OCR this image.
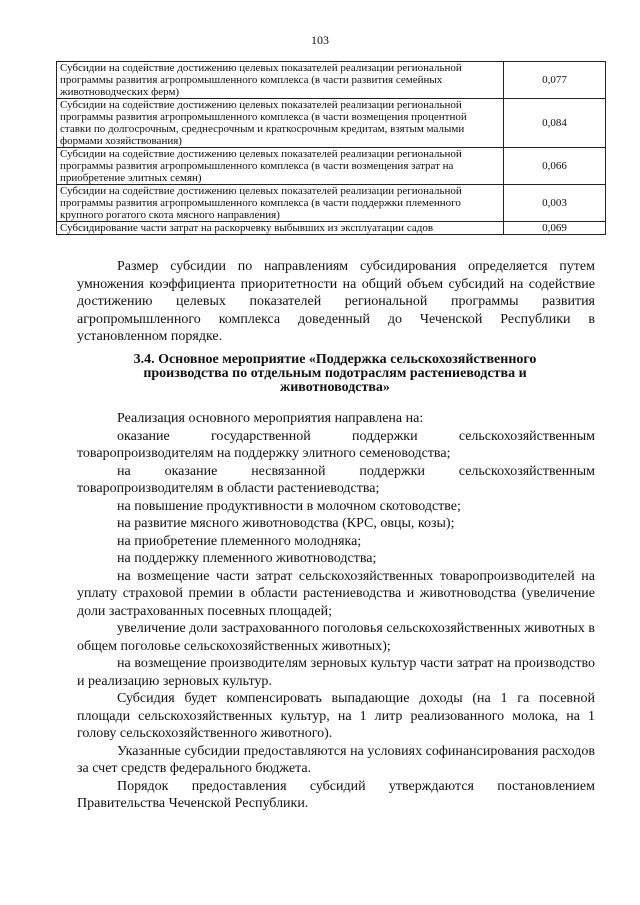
103
Субсидии на содействие достижению целевых показателей реализации региональной программы развития агропромышленного комплекса (в части развития семейных животноводческих ферм)	0,077
Субсидии на содействие достижению целевых показателей реализации региональной программы развития агропромышленного комплекса (в части возмещения процентной ставки по долгосрочным, среднесрочным и краткосрочным кредитам, взятым малыми формами хозяйствования)	0,084
Субсидии на содействие достижению целевых показателей реализации региональной программы развития агропромышленного комплекса (в части возмещения затрат на приобретение элитных семян)	0,066
Субсидии на содействие достижению целевых показателей реализации региональной программы развития агропромышленного комплекса (в части поддержки племенного крупного рогатого скота мясного направления)	0,003
Субсидирование части затрат на раскорчевку выбывших из эксплуатации садов	0,069

Размер субсидии по направлениям субсидирования определяется путем умножения коэффициента приоритетности на общий объем субсидий на содействие достижению целевых показателей региональной программы развития агропромышленного комплекса доведенный до Чеченской Республики в установленном порядке.

3.4. Основное мероприятие «Поддержка сельскохозяйственного производства по отдельным подотраслям растениеводства и животноводства»

Реализация основного мероприятия направлена на:

оказание государственной поддержки сельскохозяйственным товаропроизводителям на поддержку элитного семеноводства;

на оказание несвязанной поддержки сельскохозяйственным товаропроизводителям в области растениеводства;

на повышение продуктивности в молочном скотоводстве;

на развитие мясного животноводства (КРС, овцы, козы);

на приобретение племенного молодняка;

на поддержку племенного животноводства;

на возмещение части затрат сельскохозяйственных товаропроизводителей на уплату страховой премии в области растениеводства и животноводства (увеличение доли застрахованных посевных площадей;

увеличение доли застрахованного поголовья сельскохозяйственных животных в общем поголовье сельскохозяйственных животных);

на возмещение производителям зерновых культур части затрат на производство и реализацию зерновых культур.

Субсидия будет компенсировать выпадающие доходы (на 1 га посевной площади сельскохозяйственных культур, на 1 литр реализованного молока, на 1 голову сельскохозяйственного животного).

Указанные субсидии предоставляются на условиях софинансирования расходов за счет средств федерального бюджета.

Порядок предоставления субсидий утверждаются постановлением Правительства Чеченской Республики.
